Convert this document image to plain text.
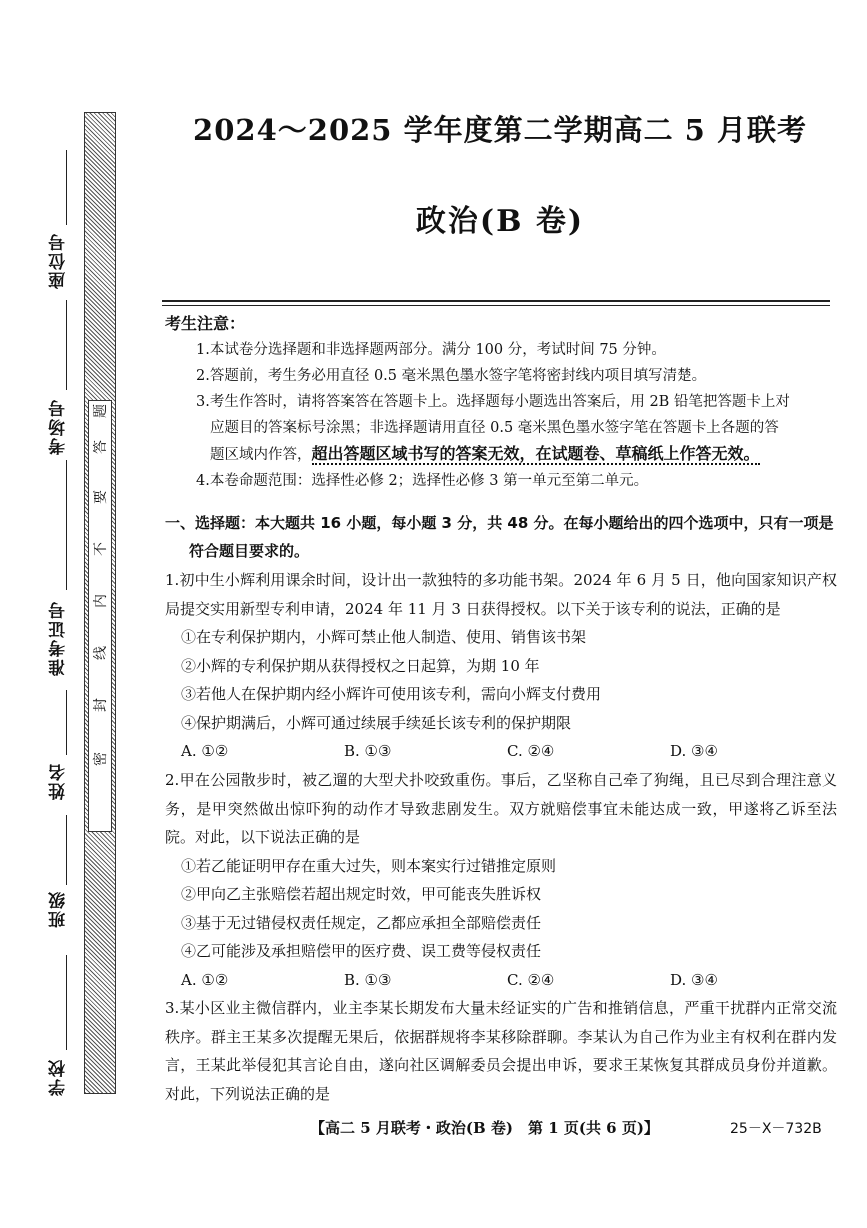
座位号
考场号
准考证号
姓名
班级
学校
密
封
线
内
不
要
答
题
2024～2025 学年度第二学期高二 5 月联考
政治(B 卷)
考生注意：
1.本试卷分选择题和非选择题两部分。满分 100 分，考试时间 75 分钟。
2.答题前，考生务必用直径 0.5 毫米黑色墨水签字笔将密封线内项目填写清楚。
3.考生作答时，请将答案答在答题卡上。选择题每小题选出答案后，用 2B 铅笔把答题卡上对
应题目的答案标号涂黑；非选择题请用直径 0.5 毫米黑色墨水签字笔在答题卡上各题的答
题区域内作答，超出答题区域书写的答案无效，在试题卷、草稿纸上作答无效。
4.本卷命题范围：选择性必修 2；选择性必修 3 第一单元至第二单元。
一、选择题：本大题共 16 小题，每小题 3 分，共 48 分。在每小题给出的四个选项中，只有一项是
符合题目要求的。
1.初中生小辉利用课余时间，设计出一款独特的多功能书架。2024 年 6 月 5 日，他向国家知识产权局提交实用新型专利申请，2024 年 11 月 3 日获得授权。以下关于该专利的说法，正确的是
①在专利保护期内，小辉可禁止他人制造、使用、销售该书架
②小辉的专利保护期从获得授权之日起算，为期 10 年
③若他人在保护期内经小辉许可使用该专利，需向小辉支付费用
④保护期满后，小辉可通过续展手续延长该专利的保护期限
A. ①②	B. ①③	C. ②④	D. ③④
2.甲在公园散步时，被乙遛的大型犬扑咬致重伤。事后，乙坚称自己牵了狗绳，且已尽到合理注意义务，是甲突然做出惊吓狗的动作才导致悲剧发生。双方就赔偿事宜未能达成一致，甲遂将乙诉至法院。对此，以下说法正确的是
①若乙能证明甲存在重大过失，则本案实行过错推定原则
②甲向乙主张赔偿若超出规定时效，甲可能丧失胜诉权
③基于无过错侵权责任规定，乙都应承担全部赔偿责任
④乙可能涉及承担赔偿甲的医疗费、误工费等侵权责任
A. ①②	B. ①③	C. ②④	D. ③④
3.某小区业主微信群内，业主李某长期发布大量未经证实的广告和推销信息，严重干扰群内正常交流秩序。群主王某多次提醒无果后，依据群规将李某移除群聊。李某认为自己作为业主有权利在群内发言，王某此举侵犯其言论自由，遂向社区调解委员会提出申诉，要求王某恢复其群成员身份并道歉。对此，下列说法正确的是
【高二 5 月联考・政治(B 卷)　第 1 页(共 6 页)】	25－X－732B
